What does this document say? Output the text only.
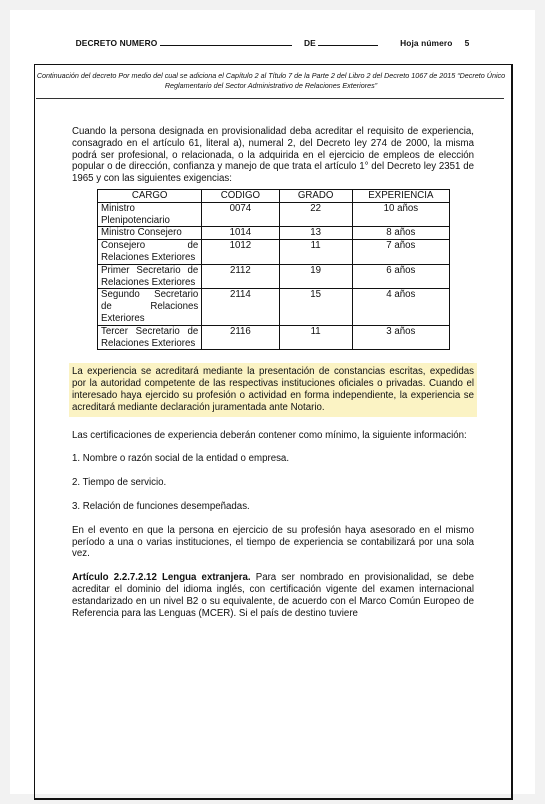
DECRETO NUMERO	DE	Hoja número 5
Continuación del decreto Por medio del cual se adiciona el Capítulo 2 al Título 7 de la Parte 2 del Libro 2 del Decreto 1067 de 2015 “Decreto Único Reglamentario del Sector Administrativo de Relaciones Exteriores”

Cuando la persona designada en provisionalidad deba acreditar el requisito de experiencia, consagrado en el artículo 61, literal a), numeral 2, del Decreto ley 274 de 2000, la misma podrá ser profesional, o relacionada, o la adquirida en el ejercicio de empleos de elección popular o de dirección, confianza y manejo de que trata el artículo 1° del Decreto ley 2351 de 1965 y con las siguientes exigencias:

CARGO	CÓDIGO	GRADO	EXPERIENCIA
Ministro Plenipotenciario	0074	22	10 años
Ministro Consejero	1014	13	8 años
Consejero de Relaciones Exteriores	1012	11	7 años
Primer Secretario de Relaciones Exteriores	2112	19	6 años
Segundo Secretario de Relaciones Exteriores	2114	15	4 años
Tercer Secretario de Relaciones Exteriores	2116	11	3 años

La experiencia se acreditará mediante la presentación de constancias escritas, expedidas por la autoridad competente de las respectivas instituciones oficiales o privadas. Cuando el interesado haya ejercido su profesión o actividad en forma independiente, la experiencia se acreditará mediante declaración juramentada ante Notario.

Las certificaciones de experiencia deberán contener como mínimo, la siguiente información:

1. Nombre o razón social de la entidad o empresa.

2. Tiempo de servicio.

3. Relación de funciones desempeñadas.

En el evento en que la persona en ejercicio de su profesión haya asesorado en el mismo período a una o varias instituciones, el tiempo de experiencia se contabilizará por una sola vez.

Artículo 2.2.7.2.12 Lengua extranjera. Para ser nombrado en provisionalidad, se debe acreditar el dominio del idioma inglés, con certificación vigente del examen internacional estandarizado en un nivel B2 o su equivalente, de acuerdo con el Marco Común Europeo de Referencia para las Lenguas (MCER). Si el país de destino tuviere
